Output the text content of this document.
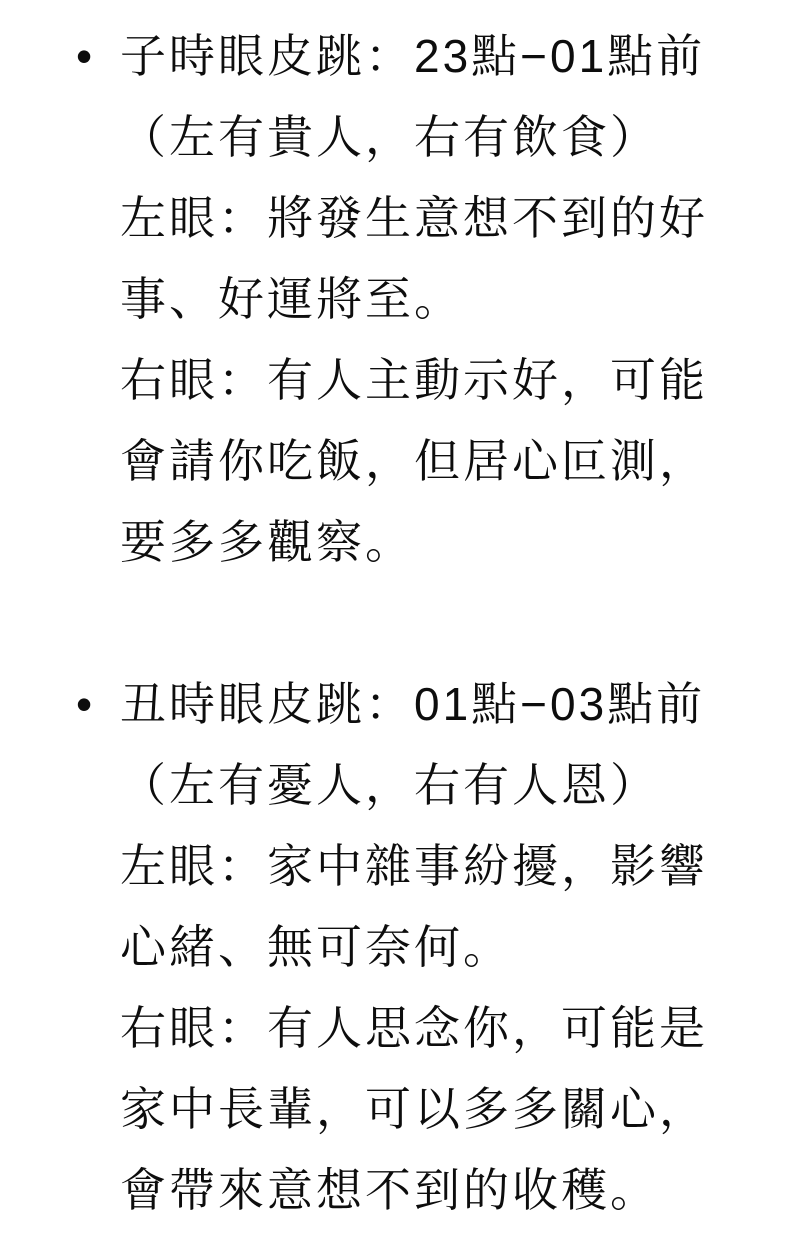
• 子時眼皮跳：23點−01點前
（左有貴人，右有飲食）
左眼：將發生意想不到的好
事、好運將至。
右眼：有人主動示好，可能
會請你吃飯，但居心叵測，
要多多觀察。
• 丑時眼皮跳：01點−03點前
（左有憂人，右有人恩）
左眼：家中雜事紛擾，影響
心緒、無可奈何。
右眼：有人思念你，可能是
家中長輩，可以多多關心，
會帶來意想不到的收穫。
